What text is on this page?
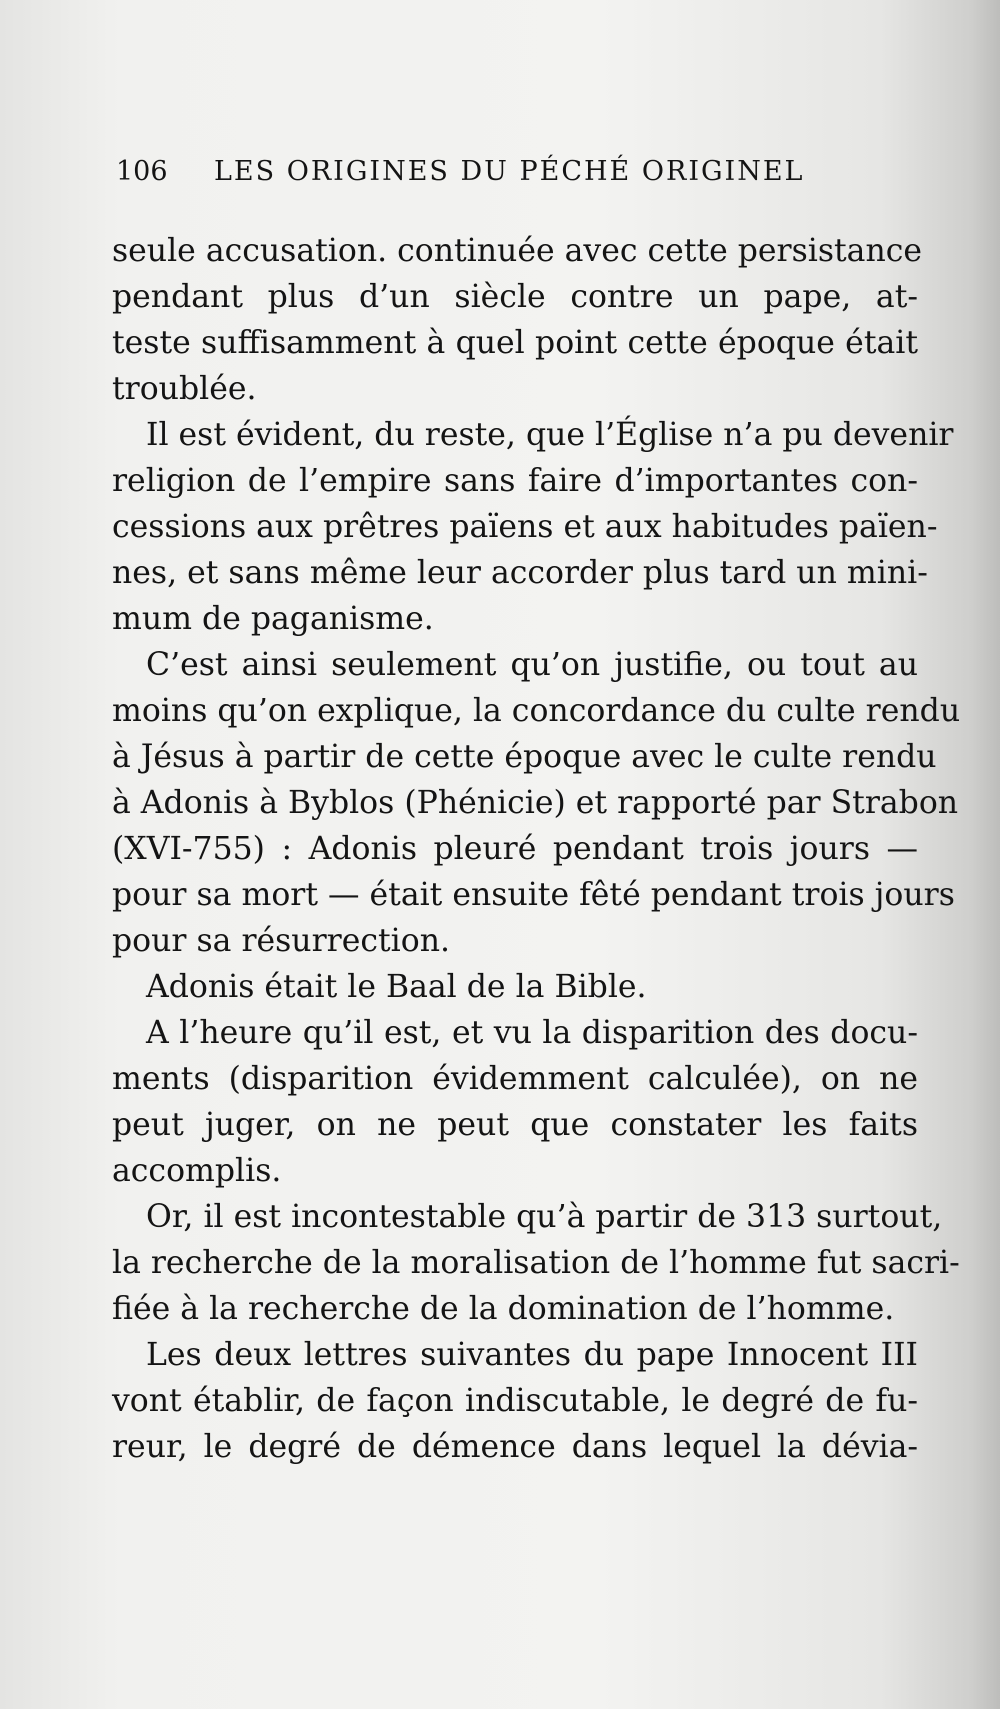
106 LES ORIGINES DU PÉCHÉ ORIGINEL
seule accusation. continuée avec cette persistance
pendant plus d’un siècle contre un pape, at-
teste suffisamment à quel point cette époque était
troublée.
Il est évident, du reste, que l’Église n’a pu devenir
religion de l’empire sans faire d’importantes con-
cessions aux prêtres païens et aux habitudes païen-
nes, et sans même leur accorder plus tard un mini-
mum de paganisme.
C’est ainsi seulement qu’on justifie, ou tout au
moins qu’on explique, la concordance du culte rendu
à Jésus à partir de cette époque avec le culte rendu
à Adonis à Byblos (Phénicie) et rapporté par Strabon
(XVI-755) : Adonis pleuré pendant trois jours —
pour sa mort — était ensuite fêté pendant trois jours
pour sa résurrection.
Adonis était le Baal de la Bible.
A l’heure qu’il est, et vu la disparition des docu-
ments (disparition évidemment calculée), on ne
peut juger, on ne peut que constater les faits
accomplis.
Or, il est incontestable qu’à partir de 313 surtout,
la recherche de la moralisation de l’homme fut sacri-
fiée à la recherche de la domination de l’homme.
Les deux lettres suivantes du pape Innocent III
vont établir, de façon indiscutable, le degré de fu-
reur, le degré de démence dans lequel la dévia-
